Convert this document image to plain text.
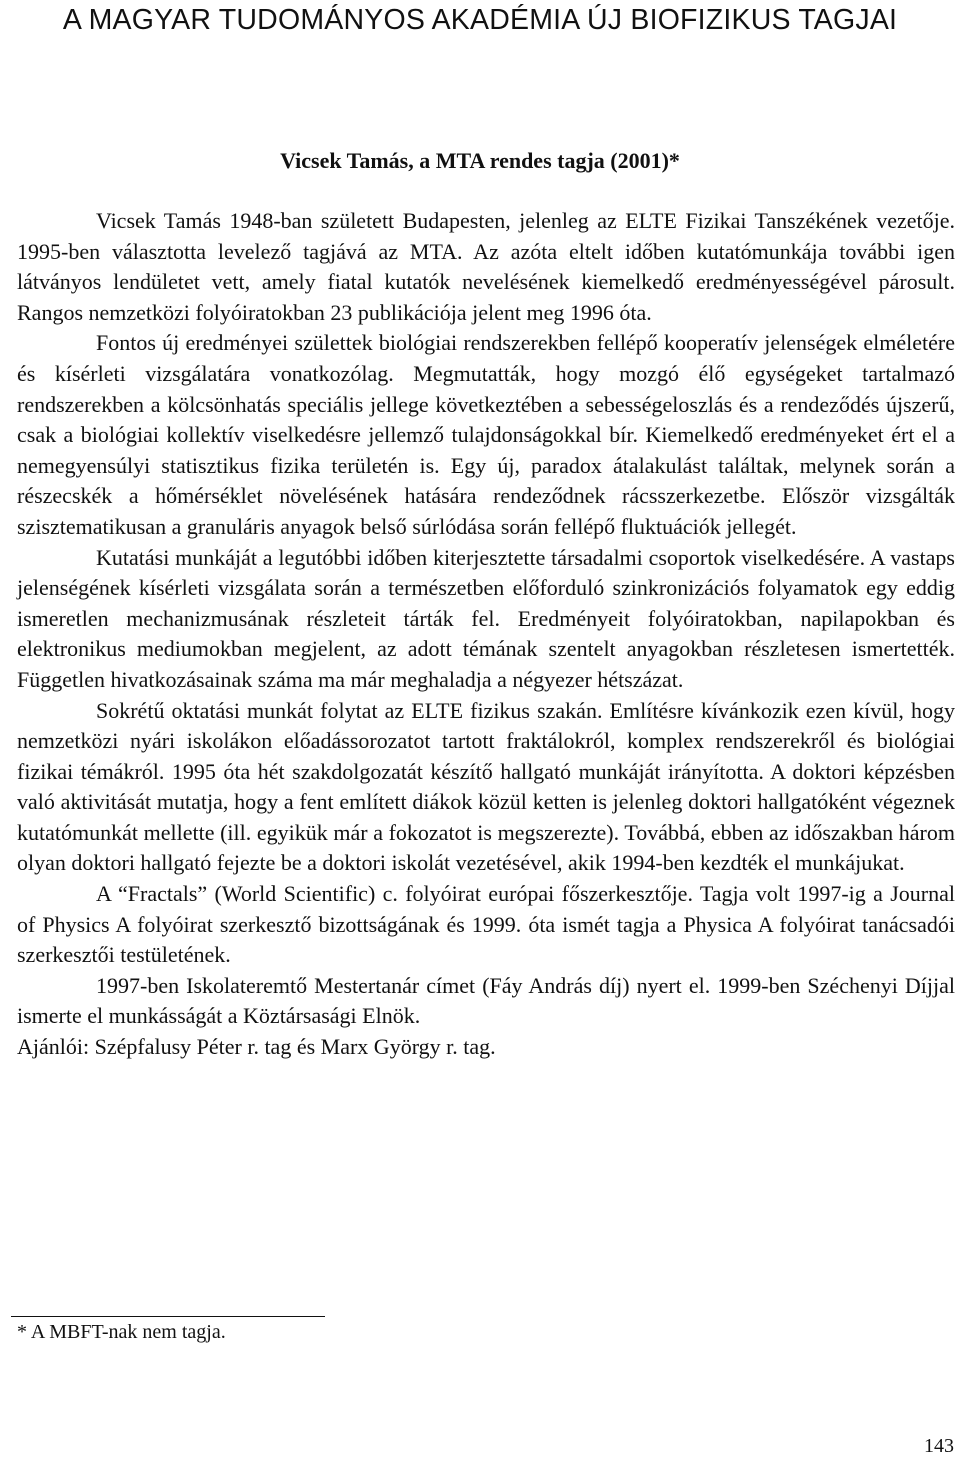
A MAGYAR TUDOMÁNYOS AKADÉMIA ÚJ BIOFIZIKUS TAGJAI
Vicsek Tamás, a MTA rendes tagja (2001)*

Vicsek Tamás 1948-ban született Budapesten, jelenleg az ELTE Fizikai Tanszékének vezetője. 1995-ben választotta levelező tagjává az MTA. Az azóta eltelt időben kutatómunkája további igen látványos lendületet vett, amely fiatal kutatók nevelésének kiemelkedő eredményességével párosult. Rangos nemzetközi folyóiratokban 23 publikációja jelent meg 1996 óta.

Fontos új eredményei születtek biológiai rendszerekben fellépő kooperatív jelenségek elméletére és kísérleti vizsgálatára vonatkozólag. Megmutatták, hogy mozgó élő egységeket tartalmazó rendszerekben a kölcsönhatás speciális jellege következtében a sebességeloszlás és a rendeződés újszerű, csak a biológiai kollektív viselkedésre jellemző tulajdonságokkal bír. Kiemelkedő eredményeket ért el a nemegyensúlyi statisztikus fizika területén is. Egy új, paradox átalakulást találtak, melynek során a részecskék a hőmérséklet növelésének hatására rendeződnek rácsszerkezetbe. Először vizsgálták szisztematikusan a granuláris anyagok belső súrlódása során fellépő fluktuációk jellegét.

Kutatási munkáját a legutóbbi időben kiterjesztette társadalmi csoportok viselkedésére. A vastaps jelenségének kísérleti vizsgálata során a természetben előforduló szinkronizációs folyamatok egy eddig ismeretlen mechanizmusának részleteit tárták fel. Eredményeit folyóiratokban, napilapokban és elektronikus mediumokban megjelent, az adott témának szentelt anyagokban részletesen ismertették. Független hivatkozásainak száma ma már meghaladja a négyezer hétszázat.

Sokrétű oktatási munkát folytat az ELTE fizikus szakán. Említésre kívánkozik ezen kívül, hogy nemzetközi nyári iskolákon előadássorozatot tartott fraktálokról, komplex rendszerekről és biológiai fizikai témákról. 1995 óta hét szakdolgozatát készítő hallgató munkáját irányította. A doktori képzésben való aktivitását mutatja, hogy a fent említett diákok közül ketten is jelenleg doktori hallgatóként végeznek kutatómunkát mellette (ill. egyikük már a fokozatot is megszerezte). Továbbá, ebben az időszakban három olyan doktori hallgató fejezte be a doktori iskolát vezetésével, akik 1994-ben kezdték el munkájukat.

A “Fractals” (World Scientific) c. folyóirat európai főszerkesztője. Tagja volt 1997-ig a Journal of Physics A folyóirat szerkesztő bizottságának és 1999. óta ismét tagja a Physica A folyóirat tanácsadói szerkesztői testületének.

1997-ben Iskolateremtő Mestertanár címet (Fáy András díj) nyert el. 1999-ben Széchenyi Díjjal ismerte el munkásságát a Köztársasági Elnök.

Ajánlói: Szépfalusy Péter r. tag és Marx György r. tag.

* A MBFT-nak nem tagja.
143
